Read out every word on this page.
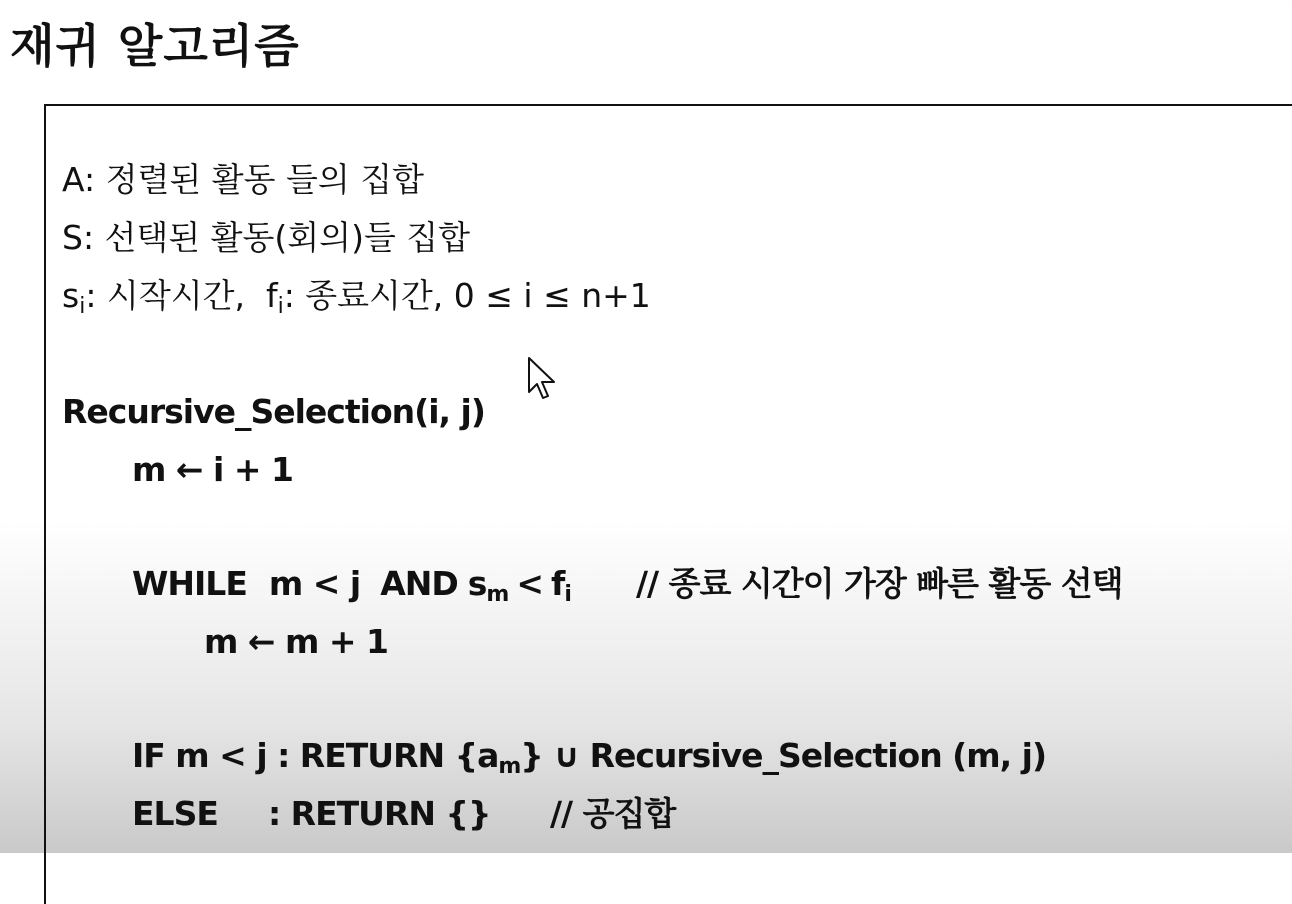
재귀 알고리즘
A: 정렬된 활동 들의 집합
S: 선택된 활동(회의)들 집합
$s_i$: 시작시간, $f_i$: 종료시간, 0 ≤ i ≤ n+1
Recursive_Selection(i, j)
m ← i + 1
WHILE m < j AND $s_m < f_i$ // 종료 시간이 가장 빠른 활동 선택
m ← m + 1
IF m < j : RETURN $\{a_m\}$ ∪ Recursive_Selection (m, j)
ELSE : RETURN {} // 공집합
